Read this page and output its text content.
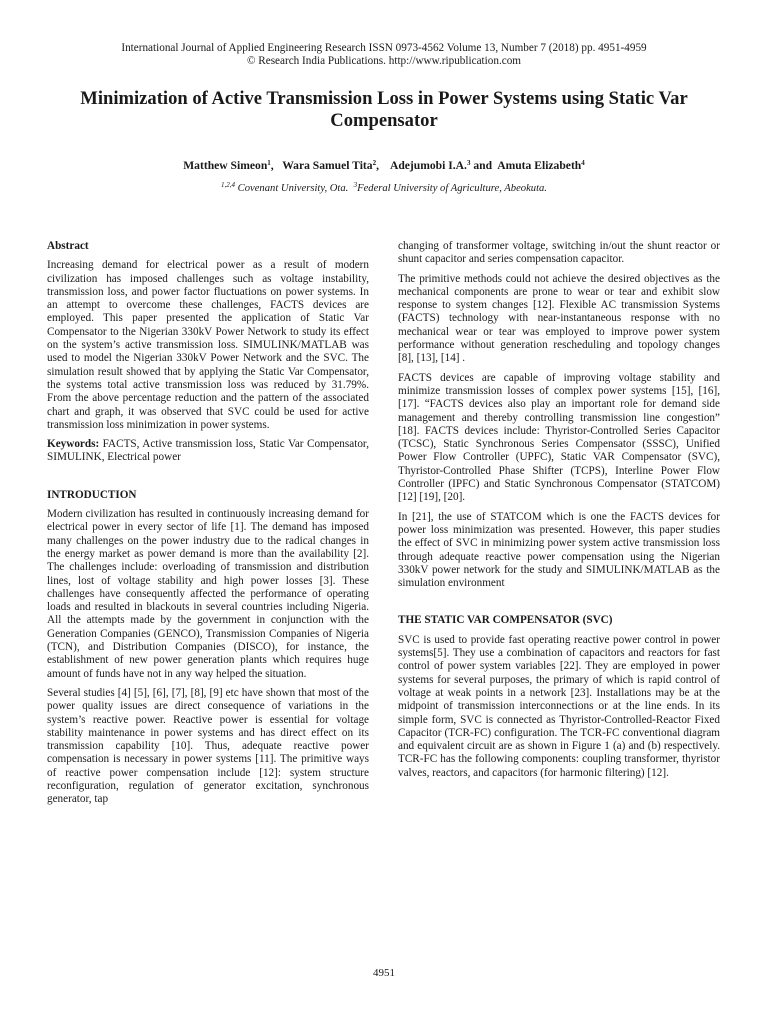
International Journal of Applied Engineering Research ISSN 0973-4562 Volume 13, Number 7 (2018) pp. 4951-4959
© Research India Publications. http://www.ripublication.com
Minimization of Active Transmission Loss in Power Systems using Static Var Compensator
Matthew Simeon$^1$,   Wara Samuel Tita$^2$,    Adejumobi I.A.$^3$ and  Amuta Elizabeth$^4$
$^{1,2,4}$ Covenant University, Ota.  $^3$Federal University of Agriculture, Abeokuta.
Abstract

Increasing demand for electrical power as a result of modern civilization has imposed challenges such as voltage instability, transmission loss, and power factor fluctuations on power systems. In an attempt to overcome these challenges, FACTS devices are employed. This paper presented the application of Static Var Compensator to the Nigerian 330kV Power Network to study its effect on the system’s active transmission loss. SIMULINK/MATLAB was used to model the Nigerian 330kV Power Network and the SVC. The simulation result showed that by applying the Static Var Compensator, the systems total active transmission loss was reduced by 31.79%. From the above percentage reduction and the pattern of the associated chart and graph, it was observed that SVC could be used for active transmission loss minimization in power systems.

Keywords: FACTS, Active transmission loss, Static Var Compensator, SIMULINK, Electrical power

INTRODUCTION

Modern civilization has resulted in continuously increasing demand for electrical power in every sector of life [1]. The demand has imposed many challenges on the power industry due to the radical changes in the energy market as power demand is more than the availability [2]. The challenges include: overloading of transmission and distribution lines, lost of voltage stability and high power losses [3]. These challenges have consequently affected the performance of operating loads and resulted in blackouts in several countries including Nigeria. All the attempts made by the government in conjunction with the Generation Companies (GENCO), Transmission Companies of Nigeria (TCN), and Distribution Companies (DISCO), for instance, the establishment of new power generation plants which requires huge amount of funds have not in any way helped the situation.

Several studies [4] [5], [6], [7], [8], [9] etc have shown that most of the power quality issues are direct consequence of variations in the system’s reactive power. Reactive power is essential for voltage stability maintenance in power systems and has direct effect on its transmission capability [10]. Thus, adequate reactive power compensation is necessary in power systems [11]. The primitive ways of reactive power compensation include [12]: system structure reconfiguration, regulation of generator excitation, synchronous generator, tap

changing of transformer voltage, switching in/out the shunt reactor or shunt capacitor and series compensation capacitor.

The primitive methods could not achieve the desired objectives as the mechanical components are prone to wear or tear and exhibit slow response to system changes [12]. Flexible AC transmission Systems (FACTS) technology with near-instantaneous response with no mechanical wear or tear was employed to improve power system performance without generation rescheduling and topology changes [8], [13], [14] .

FACTS devices are capable of improving voltage stability and minimize transmission losses of complex power systems [15], [16], [17]. “FACTS devices also play an important role for demand side management and thereby controlling transmission line congestion” [18]. FACTS devices include: Thyristor-Controlled Series Capacitor (TCSC), Static Synchronous Series Compensator (SSSC), Unified Power Flow Controller (UPFC), Static VAR Compensator (SVC), Thyristor-Controlled Phase Shifter (TCPS), Interline Power Flow Controller (IPFC) and Static Synchronous Compensator (STATCOM) [12] [19], [20].

In [21], the use of STATCOM which is one the FACTS devices for power loss minimization was presented. However, this paper studies the effect of SVC in minimizing power system active transmission loss through adequate reactive power compensation using the Nigerian 330kV power network for the study and SIMULINK/MATLAB as the simulation environment

THE STATIC VAR COMPENSATOR (SVC)

SVC is used to provide fast operating reactive power control in power systems[5]. They use a combination of capacitors and reactors for fast control of power system variables [22]. They are employed in power systems for several purposes, the primary of which is rapid control of voltage at weak points in a network [23]. Installations may be at the midpoint of transmission interconnections or at the line ends. In its simple form, SVC is connected as Thyristor-Controlled-Reactor Fixed Capacitor (TCR-FC) configuration. The TCR-FC conventional diagram and equivalent circuit are as shown in Figure 1 (a) and (b) respectively. TCR-FC has the following components: coupling transformer, thyristor valves, reactors, and capacitors (for harmonic filtering) [12].

4951
